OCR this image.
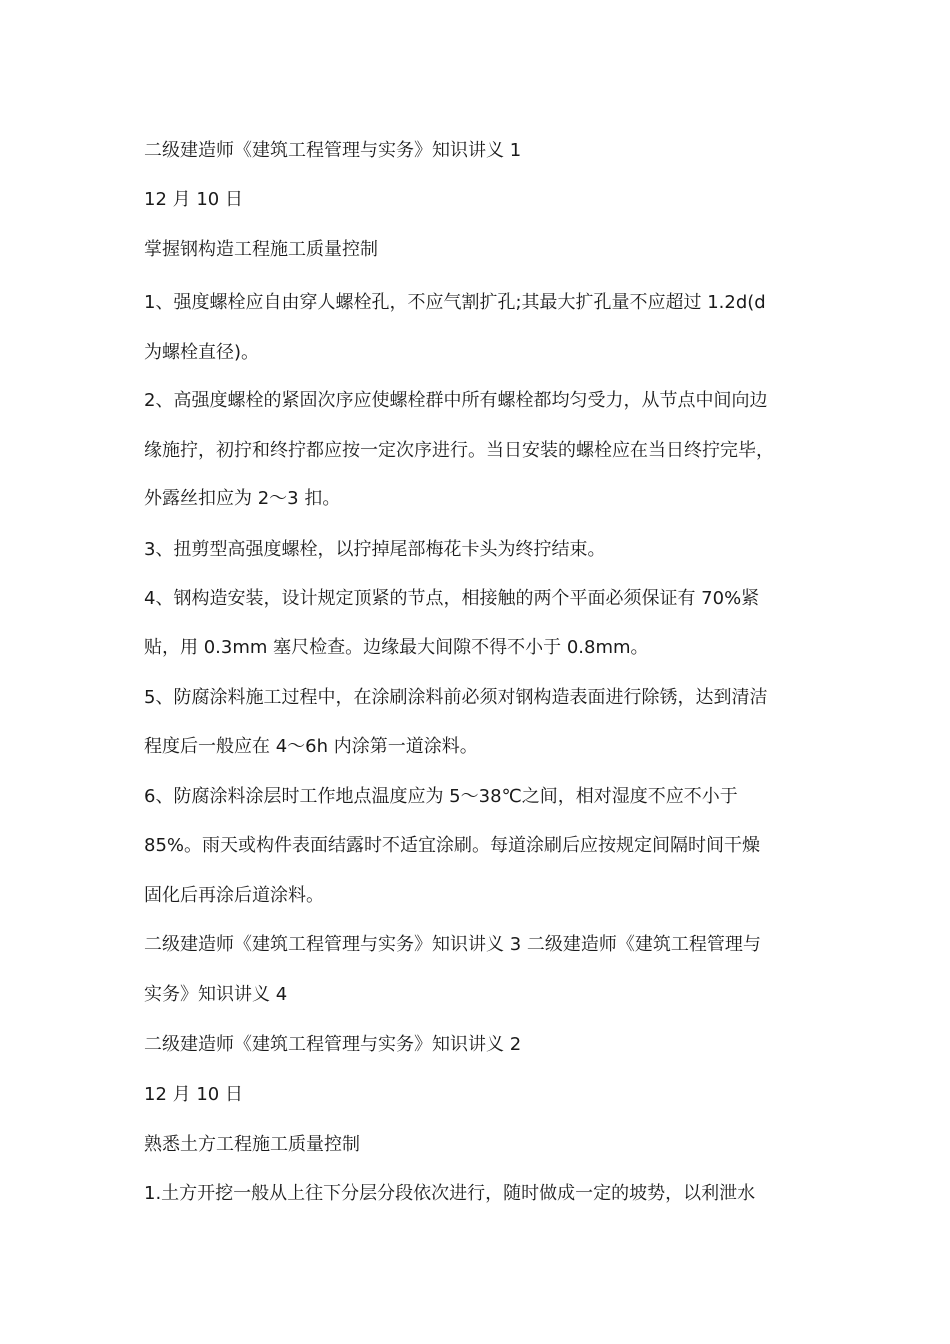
二级建造师《建筑工程管理与实务》知识讲义 1
12 月 10 日
掌握钢构造工程施工质量控制
1、强度螺栓应自由穿人螺栓孔，不应气割扩孔;其最大扩孔量不应超过 1.2d(d
为螺栓直径)。
2、高强度螺栓的紧固次序应使螺栓群中所有螺栓都均匀受力，从节点中间向边
缘施拧，初拧和终拧都应按一定次序进行。当日安装的螺栓应在当日终拧完毕，
外露丝扣应为 2～3 扣。
3、扭剪型高强度螺栓，以拧掉尾部梅花卡头为终拧结束。
4、钢构造安装，设计规定顶紧的节点，相接触的两个平面必须保证有 70%紧
贴，用 0.3mm 塞尺检查。边缘最大间隙不得不小于 0.8mm。
5、防腐涂料施工过程中，在涂刷涂料前必须对钢构造表面进行除锈，达到清洁
程度后一般应在 4～6h 内涂第一道涂料。
6、防腐涂料涂层时工作地点温度应为 5～38℃之间，相对湿度不应不小于
85%。雨天或构件表面结露时不适宜涂刷。每道涂刷后应按规定间隔时间干燥
固化后再涂后道涂料。
二级建造师《建筑工程管理与实务》知识讲义 3 二级建造师《建筑工程管理与
实务》知识讲义 4
二级建造师《建筑工程管理与实务》知识讲义 2
12 月 10 日
熟悉土方工程施工质量控制
1.土方开挖一般从上往下分层分段依次进行，随时做成一定的坡势，以利泄水
